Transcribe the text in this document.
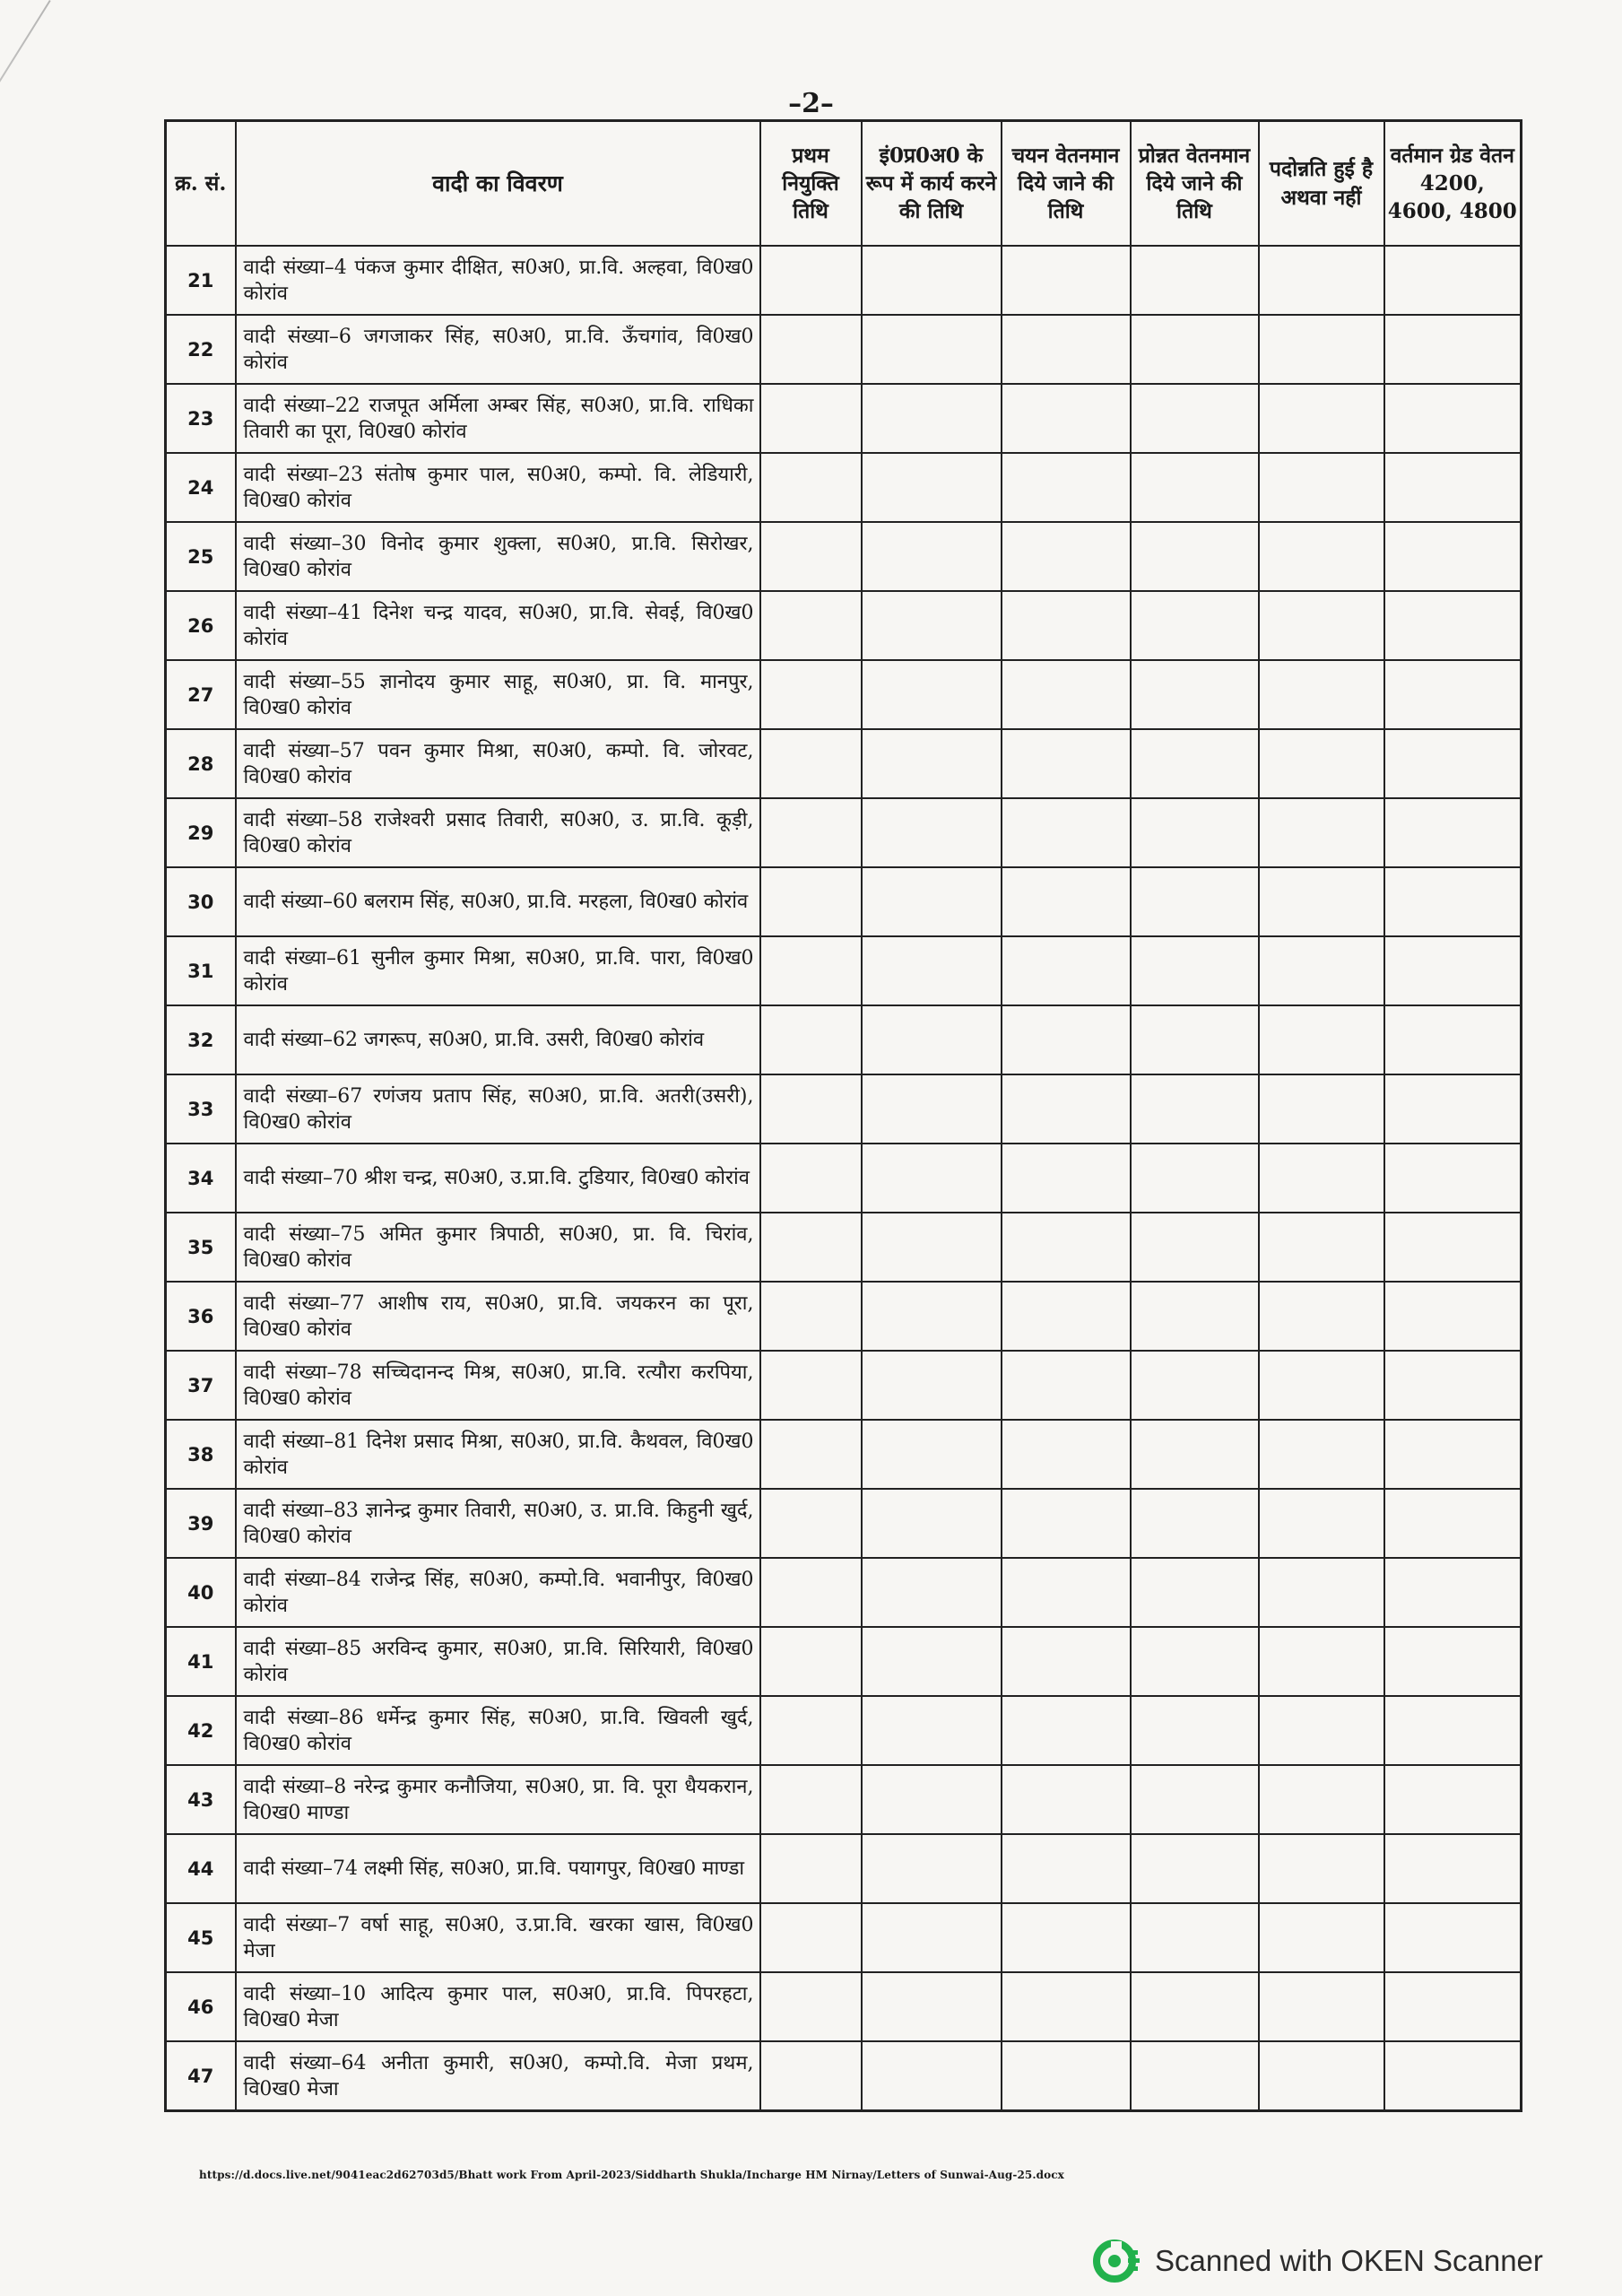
–2–
क्र. सं.	वादी का विवरण	प्रथम नियुक्ति तिथि	इं0प्र0अ0 के रूप में कार्य करने की तिथि	चयन वेतनमान दिये जाने की तिथि	प्रोन्नत वेतनमान दिये जाने की तिथि	पदोन्नति हुई है अथवा नहीं	वर्तमान ग्रेड वेतन 4200, 4600, 4800
21	वादी संख्या–4 पंकज कुमार दीक्षित, स0अ0, प्रा.वि. अल्हवा, वि0ख0 कोरांव						
22	वादी संख्या–6 जगजाकर सिंह, स0अ0, प्रा.वि. ऊँचगांव, वि0ख0 कोरांव						
23	वादी संख्या–22 राजपूत अर्मिला अम्बर सिंह, स0अ0, प्रा.वि. राधिका तिवारी का पूरा, वि0ख0 कोरांव						
24	वादी संख्या–23 संतोष कुमार पाल, स0अ0, कम्पो. वि. लेडियारी, वि0ख0 कोरांव						
25	वादी संख्या–30 विनोद कुमार शुक्ला, स0अ0, प्रा.वि. सिरोखर, वि0ख0 कोरांव						
26	वादी संख्या–41 दिनेश चन्द्र यादव, स0अ0, प्रा.वि. सेवई, वि0ख0 कोरांव						
27	वादी संख्या–55 ज्ञानोदय कुमार साहू, स0अ0, प्रा. वि. मानपुर, वि0ख0 कोरांव						
28	वादी संख्या–57 पवन कुमार मिश्रा, स0अ0, कम्पो. वि. जोरवट, वि0ख0 कोरांव						
29	वादी संख्या–58 राजेश्वरी प्रसाद तिवारी, स0अ0, उ. प्रा.वि. कूड़ी, वि0ख0 कोरांव						
30	वादी संख्या–60 बलराम सिंह, स0अ0, प्रा.वि. मरहला, वि0ख0 कोरांव						
31	वादी संख्या–61 सुनील कुमार मिश्रा, स0अ0, प्रा.वि. पारा, वि0ख0 कोरांव						
32	वादी संख्या–62 जगरूप, स0अ0, प्रा.वि. उसरी, वि0ख0 कोरांव						
33	वादी संख्या–67 रणंजय प्रताप सिंह, स0अ0, प्रा.वि. अतरी(उसरी), वि0ख0 कोरांव						
34	वादी संख्या–70 श्रीश चन्द्र, स0अ0, उ.प्रा.वि. टुडियार, वि0ख0 कोरांव						
35	वादी संख्या–75 अमित कुमार त्रिपाठी, स0अ0, प्रा. वि. चिरांव, वि0ख0 कोरांव						
36	वादी संख्या–77 आशीष राय, स0अ0, प्रा.वि. जयकरन का पूरा, वि0ख0 कोरांव						
37	वादी संख्या–78 सच्चिदानन्द मिश्र, स0अ0, प्रा.वि. रत्यौरा करपिया, वि0ख0 कोरांव						
38	वादी संख्या–81 दिनेश प्रसाद मिश्रा, स0अ0, प्रा.वि. कैथवल, वि0ख0 कोरांव						
39	वादी संख्या–83 ज्ञानेन्द्र कुमार तिवारी, स0अ0, उ. प्रा.वि. किहुनी खुर्द, वि0ख0 कोरांव						
40	वादी संख्या–84 राजेन्द्र सिंह, स0अ0, कम्पो.वि. भवानीपुर, वि0ख0 कोरांव						
41	वादी संख्या–85 अरविन्द कुमार, स0अ0, प्रा.वि. सिरियारी, वि0ख0 कोरांव						
42	वादी संख्या–86 धर्मेन्द्र कुमार सिंह, स0अ0, प्रा.वि. खिवली खुर्द, वि0ख0 कोरांव						
43	वादी संख्या–8 नरेन्द्र कुमार कनौजिया, स0अ0, प्रा. वि. पूरा धैयकरान, वि0ख0 माण्डा						
44	वादी संख्या–74 लक्ष्मी सिंह, स0अ0, प्रा.वि. पयागपुर, वि0ख0 माण्डा						
45	वादी संख्या–7 वर्षा साहू, स0अ0, उ.प्रा.वि. खरका खास, वि0ख0 मेजा						
46	वादी संख्या–10 आदित्य कुमार पाल, स0अ0, प्रा.वि. पिपरहटा, वि0ख0 मेजा						
47	वादी संख्या–64 अनीता कुमारी, स0अ0, कम्पो.वि. मेजा प्रथम, वि0ख0 मेजा						
https://d.docs.live.net/9041eac2d62703d5/Bhatt work From April-2023/Siddharth Shukla/Incharge HM Nirnay/Letters of Sunwai-Aug-25.docx
Scanned with OKEN Scanner
